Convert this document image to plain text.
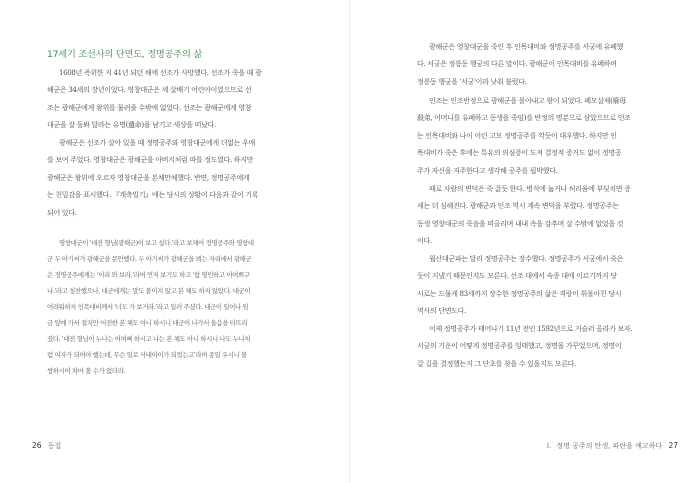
17세기 조선사의 단면도, 정명공주의 삶
1608년 즉위한 지 41년 되던 해에 선조가 사망했다. 선조가 죽을 때 광
해군은 34세의 장년이었다. 영창대군은 세 살배기 어린아이였으므로 선
조는 광해군에게 왕위를 물려줄 수밖에 없었다. 선조는 광해군에게 영창
대군을 잘 돌봐 달라는 유명(遺命)을 남기고 세상을 떠났다.
광해군은 선조가 살아 있을 때 정명공주와 영창대군에게 더없는 우애
를 보여 주었다. 영창대군은 광해군을 아버지처럼 따를 정도였다. 하지만
광해군은 왕위에 오르자 영창대군을 본체만체했다. 반면, 정명공주에게
는 친밀감을 표시했다. 『계축일기』에는 당시의 상황이 다음과 같이 기록
되어 있다.
영창대군이 '대전 형님(광해군)이 보고 싶다.'라고 보채어 정명공주와 영창대
군 두 아기씨가 광해군을 문안했다. 두 아기씨가 광해군을 뵈는 자리에서 광해군
은 정명공주에게는 '이리 와 보라.'라며 먼저 보기도 하고 '참 영민하고 어여쁘구
나.'라고 칭찬했으나, 대군에게는 말도 붙이지 않고 본 체도 하지 않았다. 대군이
어려워하자 인목대비께서 '너도 가 보거라.'라고 일러 주셨다. 대군이 일어나 임
금 앞에 가서 절지만 어전한 본 체도 아니 하시니 대군이 나가서 울음을 터뜨리
셨다. '대전 형님이 누나는 어여삐 하시고 나는 본 체도 아니 하시니 나도 누나처
럼 여자가 되어야 했는데, 무슨 일로 사내아이가 되었는고'라며 종일 우시니 불
쌍하시어 차마 볼 수가 없더라.
26 동집
광해군은 영창대군을 죽인 후 인목대비와 정명공주를 서궁에 유폐했
다. 서궁은 정릉동 행궁의 다른 말이다. 광해군이 인목대비를 유폐하며
정릉동 행궁을 '서궁'이라 낮춰 불렀다.
인조는 인조반정으로 광해군을 몰아내고 왕이 되었다. 폐모살제(廢母
殺弟, 어머니를 유폐하고 동생을 죽임)를 반정의 명분으로 삼았으므로 인조
는 인목대비와 나이 어린 고모 정명공주를 깍듯이 대우했다. 하지만 인
목대비가 죽은 후에는 특유의 의심증이 도져 결정적 증거도 없이 정명공
주가 자신을 저주한다고 생각해 공주를 핍박했다.
때로 사람의 변덕은 죽 끓듯 한다. 병석에 눕거나 허리움에 부딪치면 증
세는 더 심해진다. 광해군과 인조 역시 계속 변덕을 부렸다. 정명공주는
동생 영창대군의 죽음을 떠올리며 내내 속을 감추며 살 수밖에 없었을 것
이다.
월산대군파는 달리 정명공주는 장수했다. 정명공주가 서궁에서 죽은
듯이 지냈기 때문인지도 모른다. 선조 대에서 숙종 대에 이르기까지 당
시로는 드물게 83세까지 장수한 정명공주의 삶은 격랑이 휘몰아친 당시
역사의 단면도다.
이제 정명공주가 태어나기 11년 전인 1592년으로 거슬러 올라가 보자.
서궁의 기운이 어떻게 정명공주를 잉태했고, 정명을 가꾸었으며, 정명이
갈 길을 결정했는지 그 단초를 찾을 수 있을지도 모른다.
I. 정명 공주의 탄생, 파란을 예고하다 27
